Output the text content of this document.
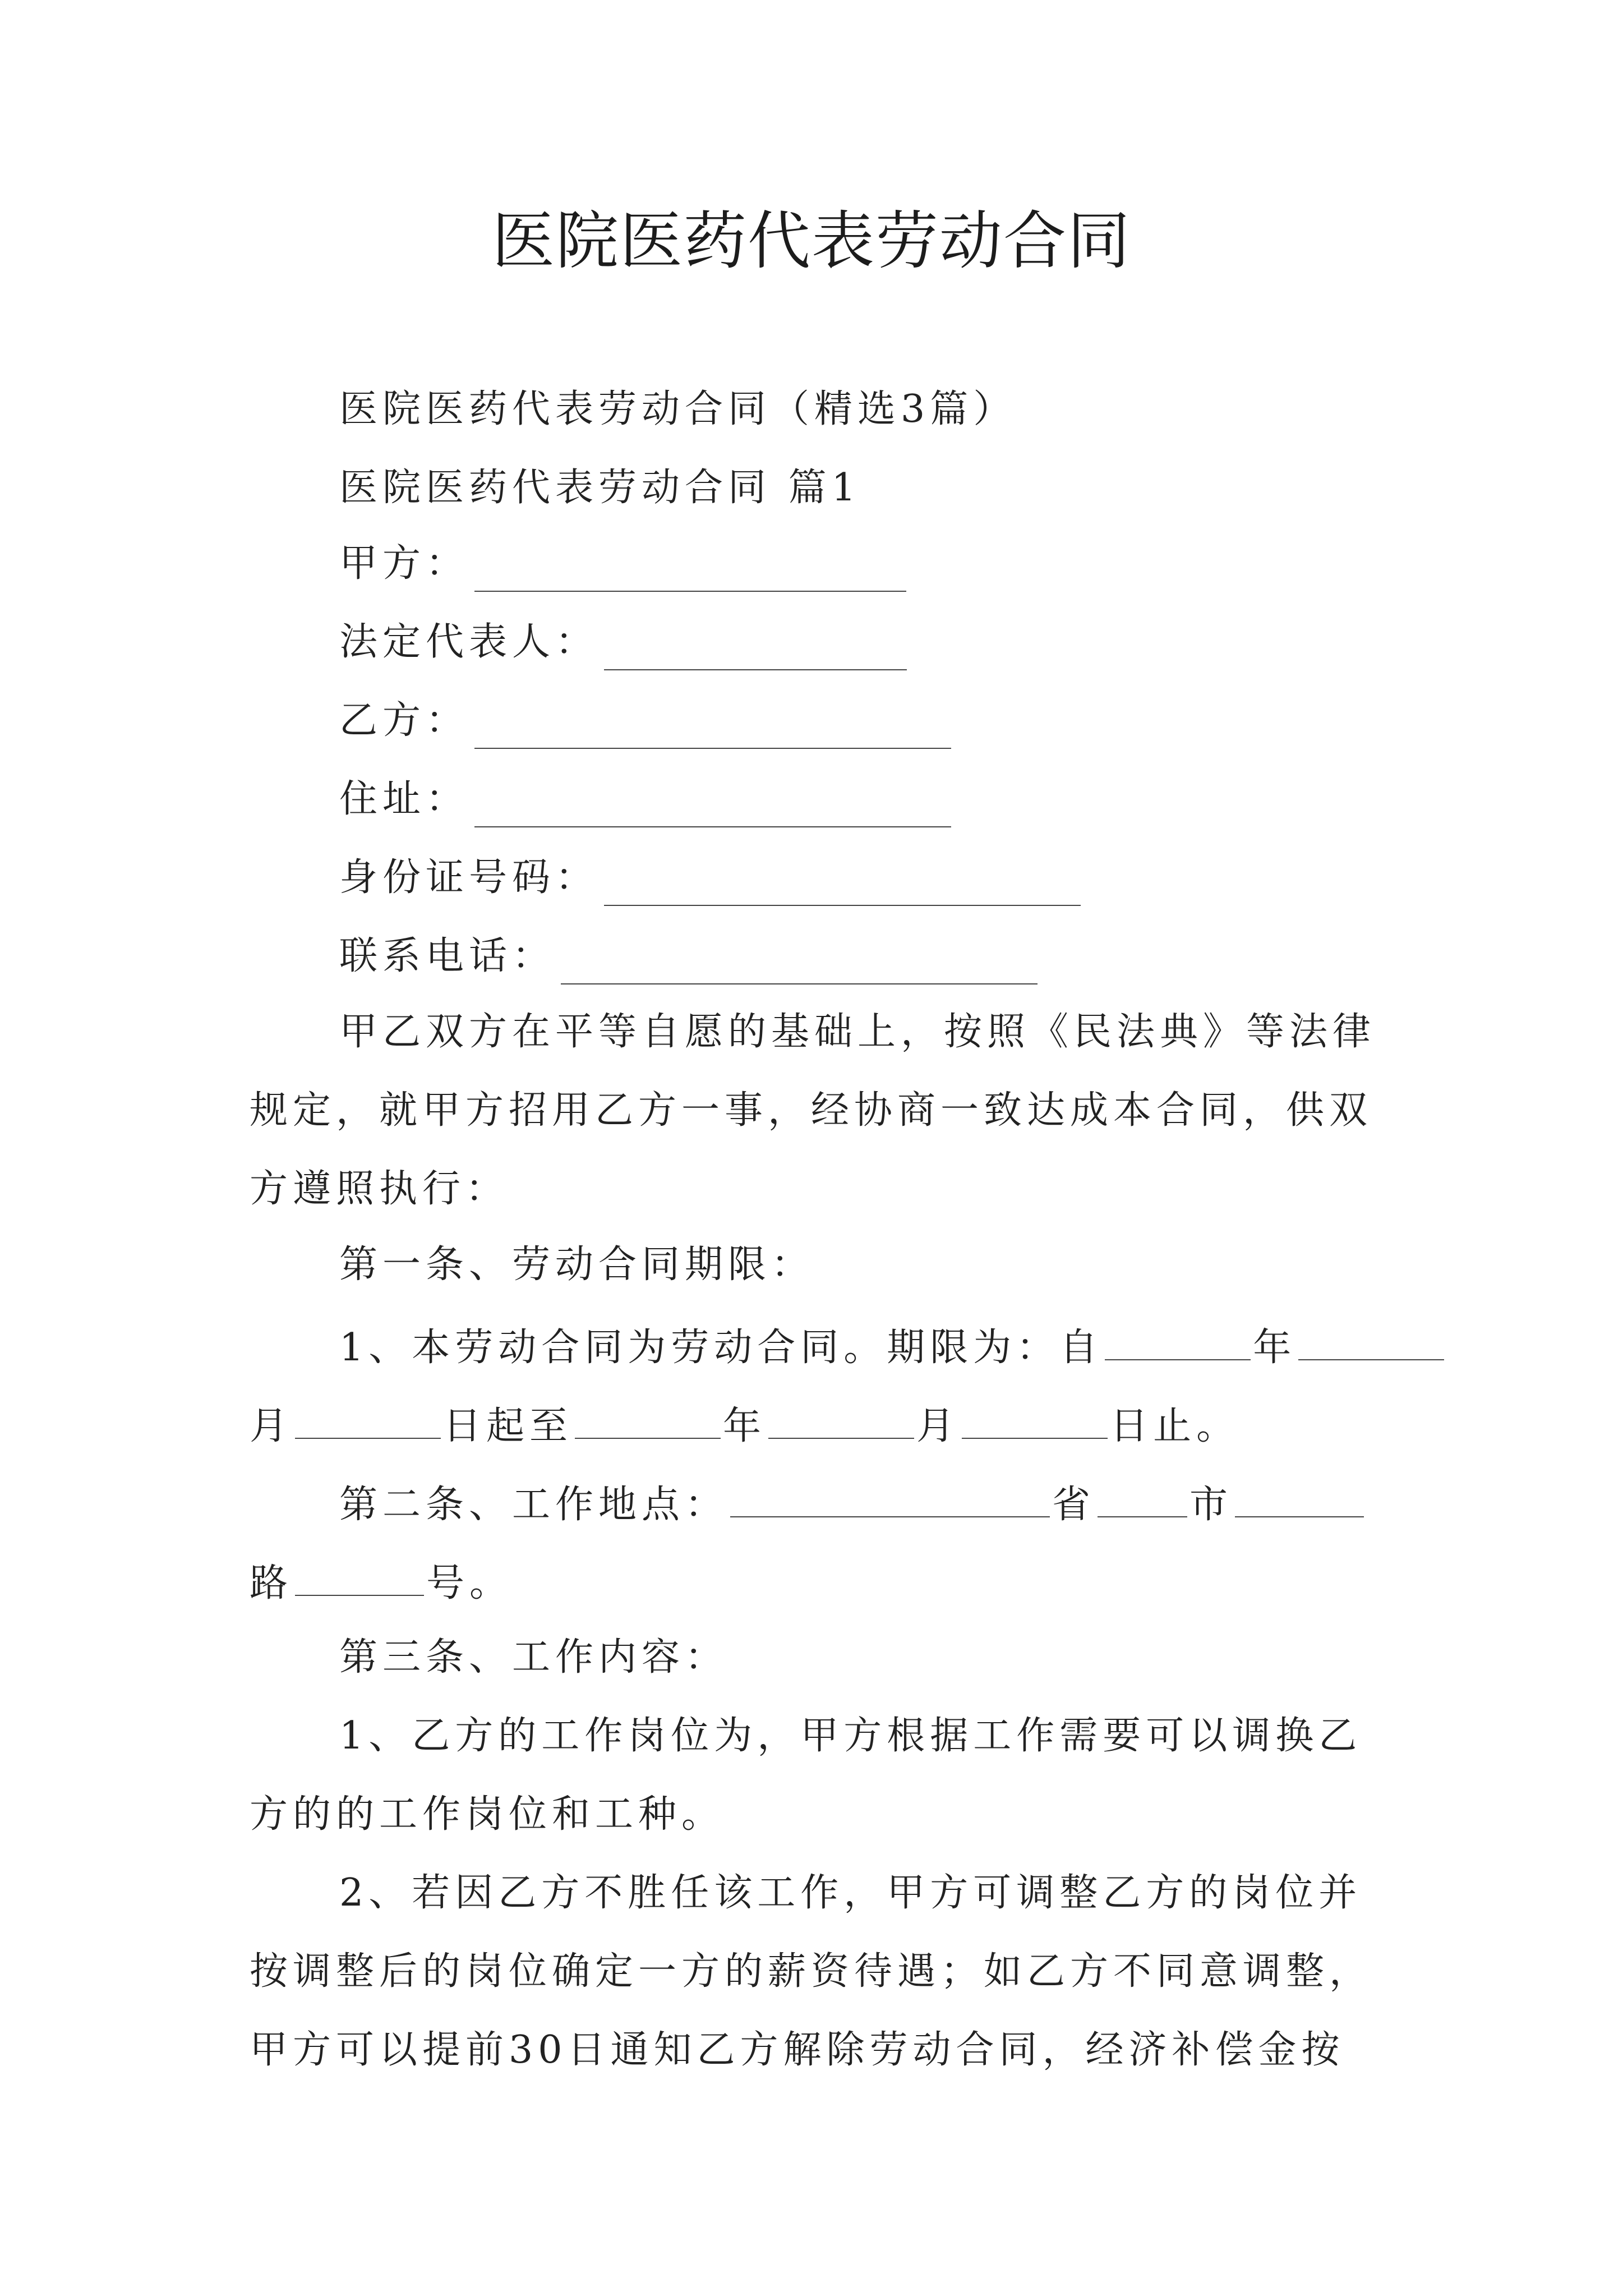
医院医药代表劳动合同
医院医药代表劳动合同（精选3篇）
医院医药代表劳动合同 篇1
甲方：
法定代表人：
乙方：
住址：
身份证号码：
联系电话：
甲乙双方在平等自愿的基础上，按照《民法典》等法律
规定，就甲方招用乙方一事，经协商一致达成本合同，供双
方遵照执行：
第一条、劳动合同期限：
1、本劳动合同为劳动合同。期限为：自	年
月	日起至	年	月	日止。
第二条、工作地点：	省 市
路	号。
第三条、工作内容：
1、乙方的工作岗位为，甲方根据工作需要可以调换乙
方的的工作岗位和工种。
2、若因乙方不胜任该工作，甲方可调整乙方的岗位并
按调整后的岗位确定一方的薪资待遇；如乙方不同意调整，
甲方可以提前30日通知乙方解除劳动合同，经济补偿金按
